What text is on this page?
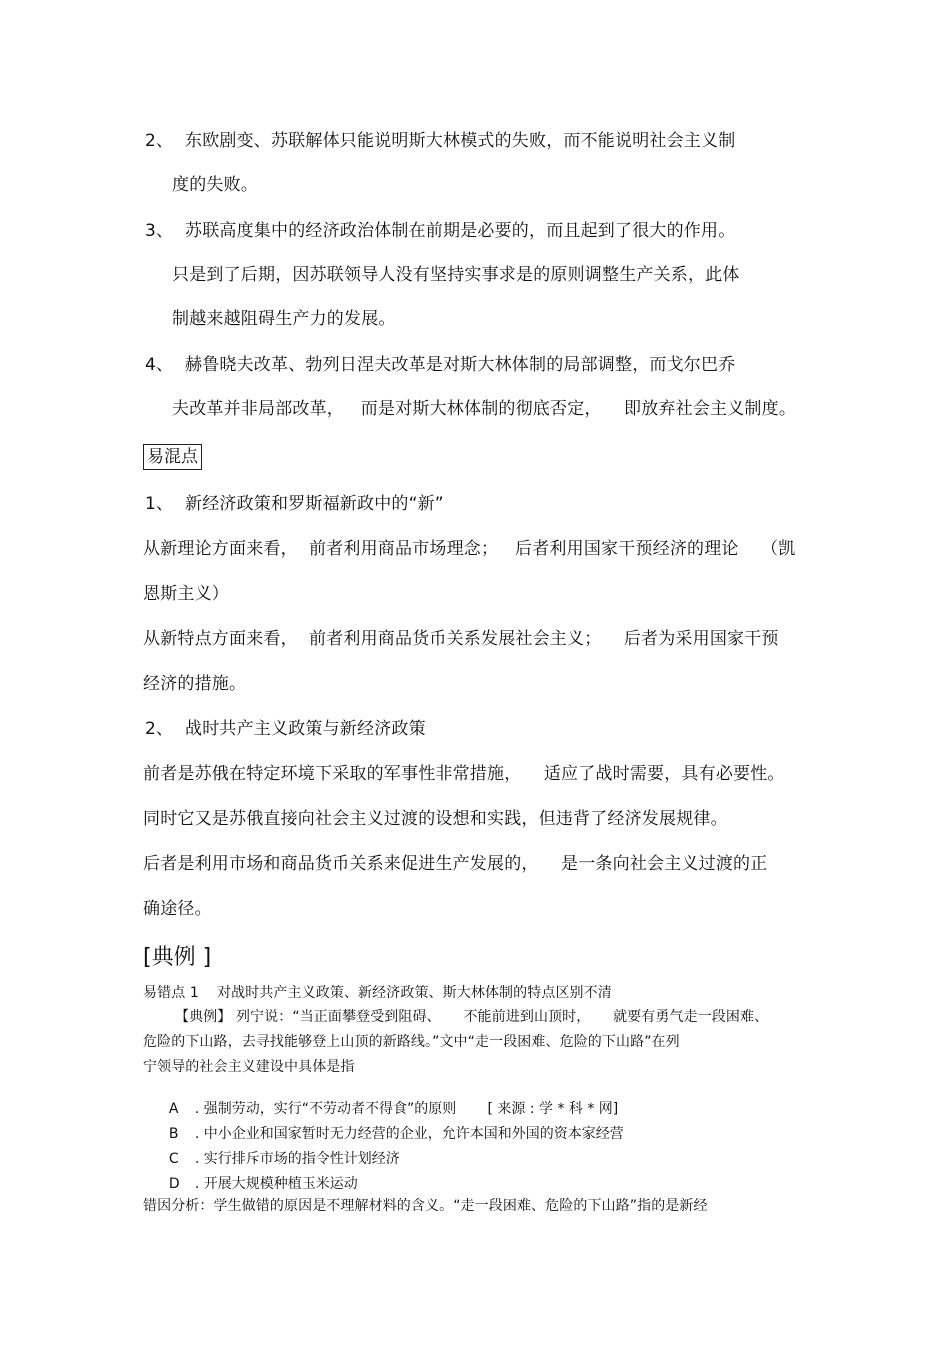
2、 东欧剧变、苏联解体只能说明斯大林模式的失败，而不能说明社会主义制
度的失败。
3、 苏联高度集中的经济政治体制在前期是必要的，而且起到了很大的作用。
只是到了后期，因苏联领导人没有坚持实事求是的原则调整生产关系，此体
制越来越阻碍生产力的发展。
4、 赫鲁晓夫改革、勃列日涅夫改革是对斯大林体制的局部调整，而戈尔巴乔
夫改革并非局部改革，   而是对斯大林体制的彻底否定，    即放弃社会主义制度。
易混点
1、 新经济政策和罗斯福新政中的“新”
从新理论方面来看，  前者利用商品市场理念；   后者利用国家干预经济的理论    （凯
恩斯主义）
从新特点方面来看，  前者利用商品货币关系发展社会主义；    后者为采用国家干预
经济的措施。
2、 战时共产主义政策与新经济政策
前者是苏俄在特定环境下采取的军事性非常措施，    适应了战时需要，具有必要性。
同时它又是苏俄直接向社会主义过渡的设想和实践，但违背了经济发展规律。
后者是利用市场和商品货币关系来促进生产发展的，    是一条向社会主义过渡的正
确途径。
[典例 ]
易错点 1    对战时共产主义政策、新经济政策、斯大林体制的特点区别不清
【典例】 列宁说：“当正面攀登受到阻碍、     不能前进到山顶时，     就要有勇气走一段困难、
危险的下山路，去寻找能够登上山顶的新路线。”文中“走一段困难、危险的下山路”在列
宁领导的社会主义建设中具体是指

A . 强制劳动，实行“不劳动者不得食”的原则       [ 来源 : 学 * 科 * 网]

B . 中小企业和国家暂时无力经营的企业，允许本国和外国的资本家经营

C . 实行排斥市场的指令性计划经济

D . 开展大规模种植玉米运动

错因分析：学生做错的原因是不理解材料的含义。“走一段困难、危险的下山路”指的是新经
